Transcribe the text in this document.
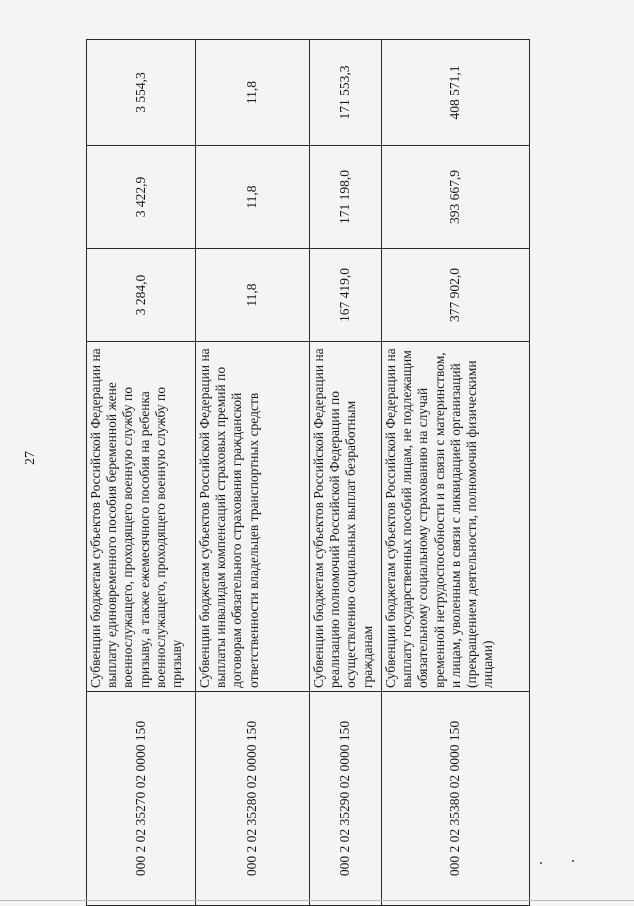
27
000 2 02 35270 02 0000 150	Субвенции бюджетам субъектов Российской Федерации на выплату единовременного пособия беременной жене военнослужащего, проходящего военную службу по призыву, а также ежемесячного пособия на ребенка военнослужащего, проходящего военную службу по призыву	3 284,0	3 422,9	3 554,3
000 2 02 35280 02 0000 150	Субвенции бюджетам субъектов Российской Федерации на выплаты инвалидам компенсаций страховых премий по договорам обязательного страхования гражданской ответственности владельцев транспортных средств	11,8	11,8	11,8
000 2 02 35290 02 0000 150	Субвенции бюджетам субъектов Российской Федерации на реализацию полномочий Российской Федерации по осуществлению социальных выплат безработным гражданам	167 419,0	171 198,0	171 553,3
000 2 02 35380 02 0000 150	Субвенции бюджетам субъектов Российской Федерации на выплату государственных пособий лицам, не подлежащим обязательному социальному страхованию на случай временной нетрудоспособности и в связи с материнством, и лицам, уволенным в связи с ликвидацией организаций (прекращением деятельности, полномочий физическими лицами)	377 902,0	393 667,9	408 571,1
